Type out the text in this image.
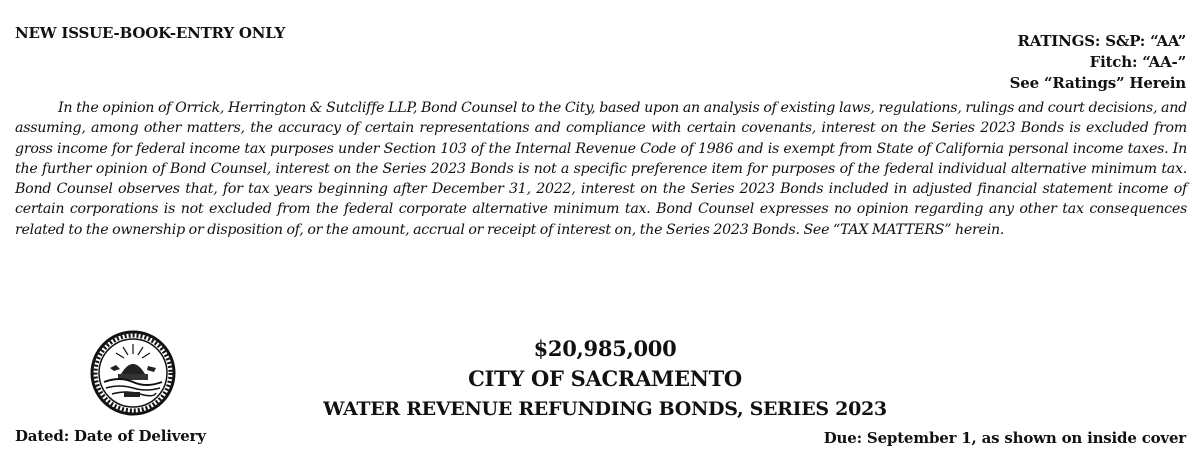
NEW ISSUE-BOOK-ENTRY ONLY	RATINGS: S&P: “AA”
Fitch: “AA-”
See “Ratings” Herein
In the opinion of Orrick, Herrington & Sutcliffe LLP, Bond Counsel to the City, based upon an analysis of existing laws, regulations, rulings and court decisions, and assuming, among other matters, the accuracy of certain representations and compliance with certain covenants, interest on the Series 2023 Bonds is excluded from gross income for federal income tax purposes under Section 103 of the Internal Revenue Code of 1986 and is exempt from State of California personal income taxes. In the further opinion of Bond Counsel, interest on the Series 2023 Bonds is not a specific preference item for purposes of the federal individual alternative minimum tax. Bond Counsel observes that, for tax years beginning after December 31, 2022, interest on the Series 2023 Bonds included in adjusted financial statement income of certain corporations is not excluded from the federal corporate alternative minimum tax. Bond Counsel expresses no opinion regarding any other tax consequences related to the ownership or disposition of, or the amount, accrual or receipt of interest on, the Series 2023 Bonds. See “TAX MATTERS” herein.
$20,985,000
CITY OF SACRAMENTO
WATER REVENUE REFUNDING BONDS, SERIES 2023
Dated: Date of Delivery	Due: September 1, as shown on inside cover
